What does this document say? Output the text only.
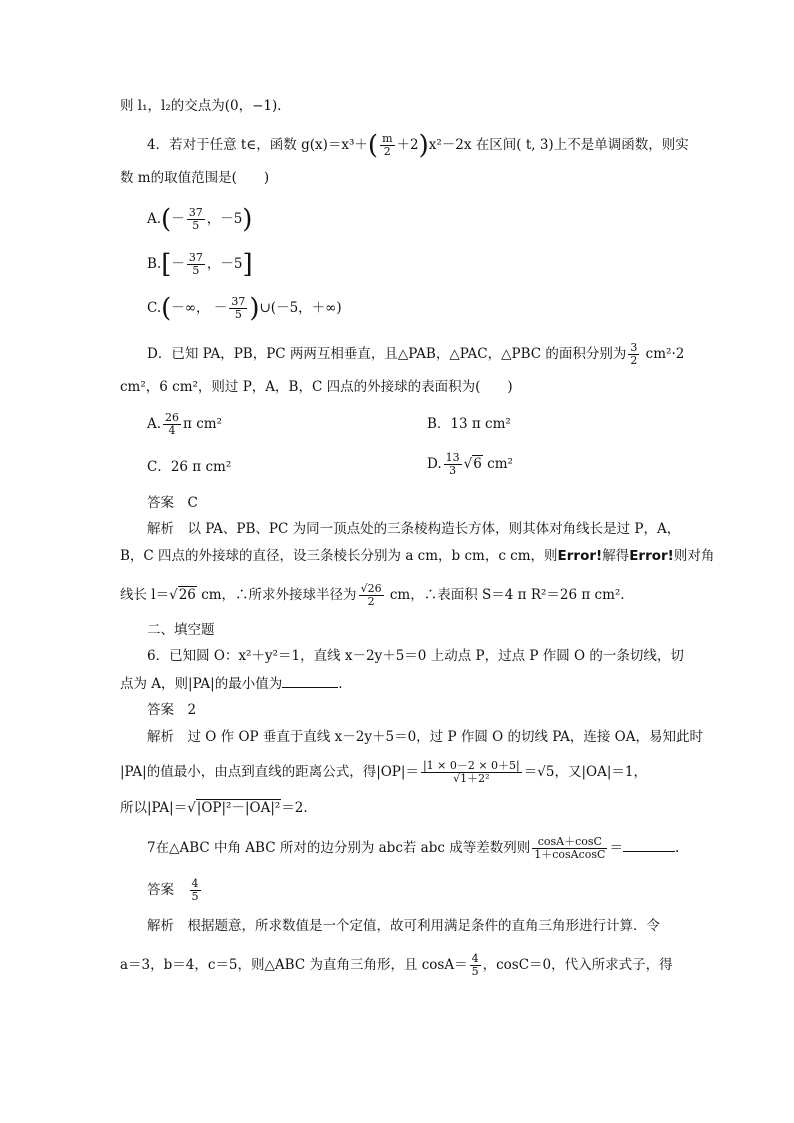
则 l₁，l₂的交点为(0，−1)．
4．若对于任意 t∈，函数 $g(x)=x^3+( \frac{m}{2} +2)x^2-2x$ 在区间( t, 3)上不是单调函数，则实
数 m的取值范围是(　　)
$A.(- \frac{37}{5}$ ，－5)
$B.[- \frac{37}{5}$ ，－5]
C.(－∞， － $\frac{37}{5}$ )∪(－5，＋∞)
D．已知 PA，PB，PC 两两互相垂直，且△PAB，△PAC，△PBC 的面积分别为 $\frac{3}{2} cm^2\cdot 2$
cm²，6 cm²，则过 P，A，B，C 四点的外接球的表面积为(　　)
A. $\frac{26}{4}$ π cm²	B．13 π cm²
C．26 π cm²	D. $\frac{13}{3} √6$ cm²
答案　C
解析　以 PA、PB、PC 为同一顶点处的三条棱构造长方体，则其体对角线长是过 P，A，
B，C 四点的外接球的直径，设三条棱长分别为 a cm，b cm，c cm，则Error!解得Error!则对角
线长 l＝√26 cm，∴所求外接球半径为 $\frac{√26}{2}$ cm，∴表面积 S＝4 π R²＝26 π cm².
二、填空题
6．已知圆 O：x²＋y²＝1，直线 x－2y＋5＝0 上动点 P，过点 P 作圆 O 的一条切线，切
点为 A，则|PA|的最小值为	.
答案　2
解析　过 O 作 OP 垂直于直线 x－2y＋5＝0，过 P 作圆 O 的切线 PA，连接 OA，易知此时
|PA|的值最小，由点到直线的距离公式，得$|OP|= \frac{|1 \times 0-2 \times 0+5|}{\text{√1＋2²}} =√5$，又|OA|＝1，
所以|PA|＝√|OP|²－|OA|²＝2.
7在△ABC 中角 ABC 所对的边分别为 abc若 abc 成等差数列则 $\frac{\cos A+\cos C}{\text{1＋cosAcosC}}$ ＝	.
答案　 $\frac{4}{5}$
解析　根据题意，所求数值是一个定值，故可利用满足条件的直角三角形进行计算．令
a＝3，b＝4，c＝5，则△ABC 为直角三角形，且 $\cos A= \frac{4}{5}$ ，cosC＝0，代入所求式子，得
